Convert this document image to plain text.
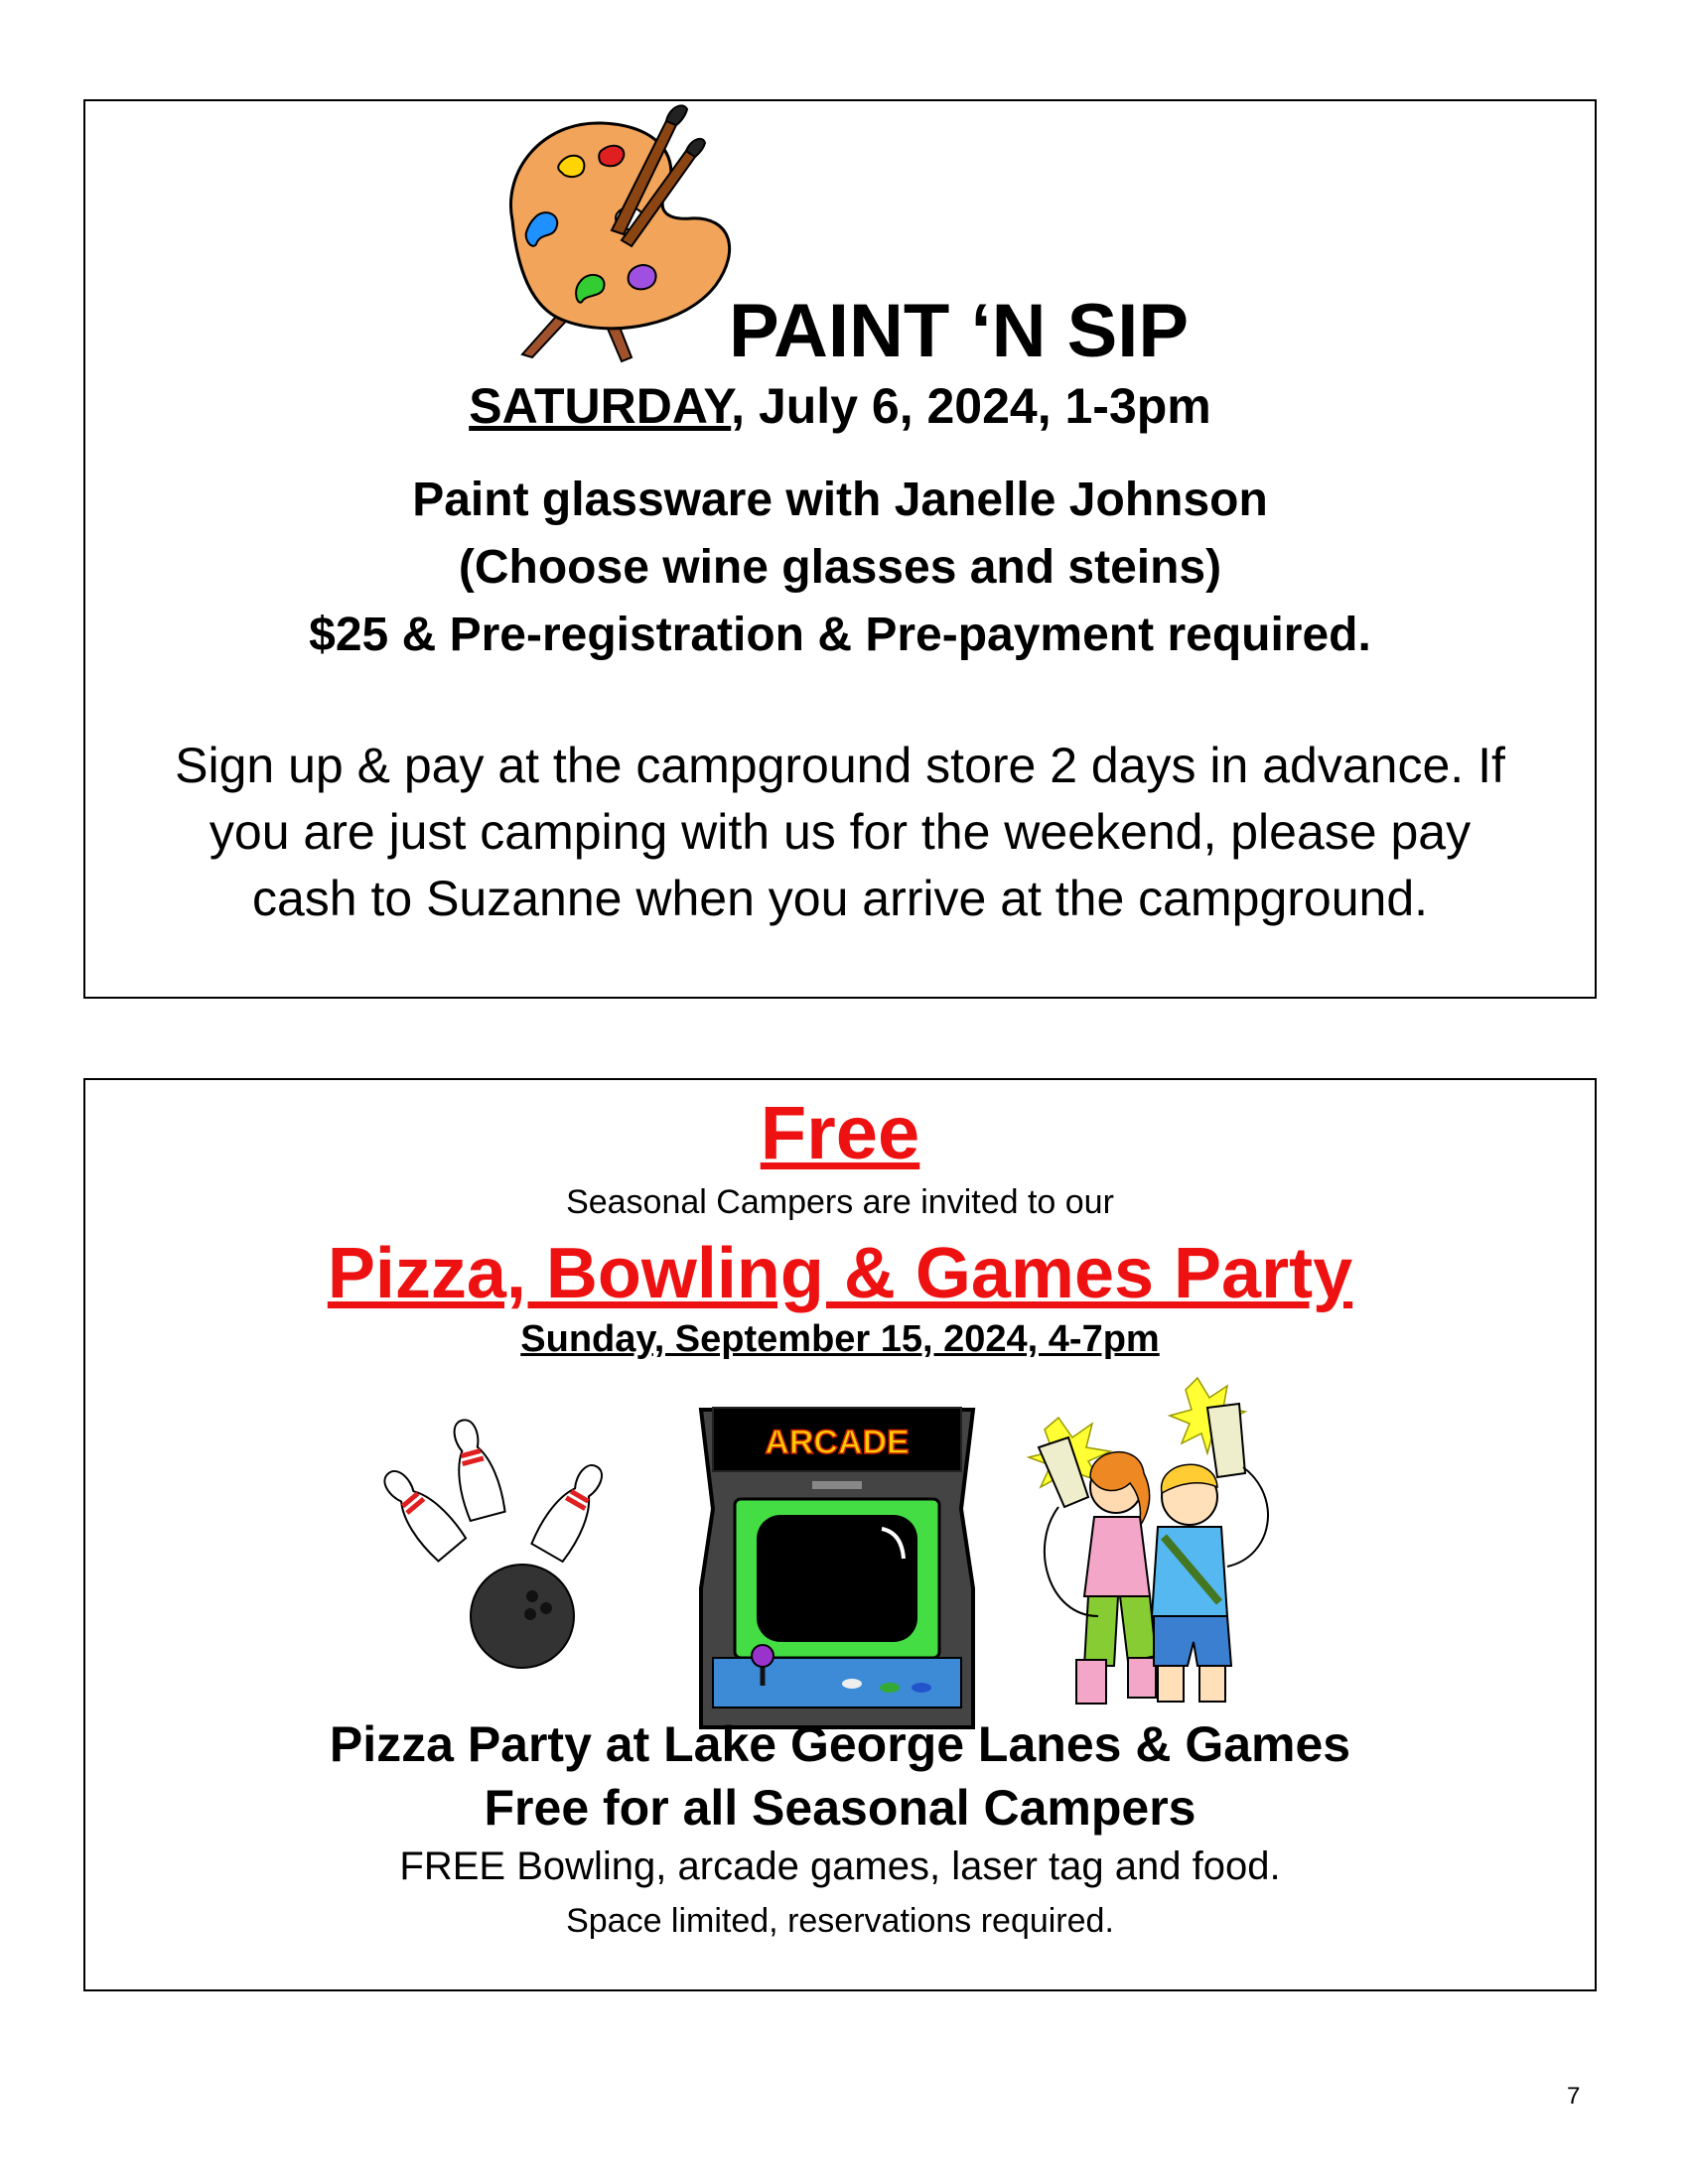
PAINT ‘N SIP
SATURDAY, July 6, 2024, 1-3pm
Paint glassware with Janelle Johnson
(Choose wine glasses and steins)
$25 & Pre-registration & Pre-payment required.
Sign up & pay at the campground store 2 days in advance. If
you are just camping with us for the weekend, please pay
cash to Suzanne when you arrive at the campground.
Free
Seasonal Campers are invited to our
Pizza, Bowling & Games Party
Sunday, September 15, 2024, 4-7pm
ARCADE
Pizza Party at Lake George Lanes & Games
Free for all Seasonal Campers
FREE Bowling, arcade games, laser tag and food.
Space limited, reservations required.
7
